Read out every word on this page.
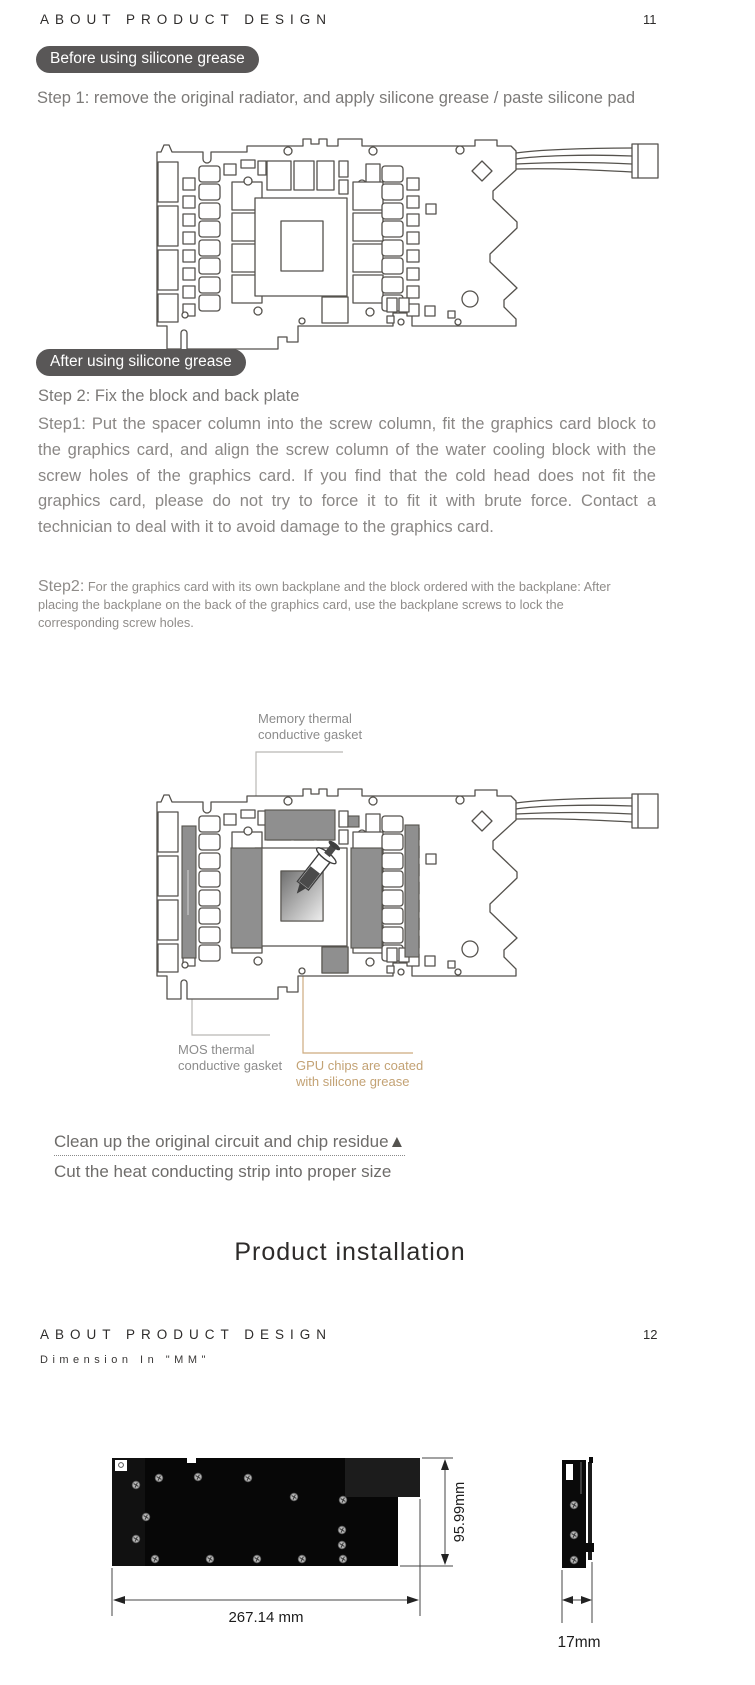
ABOUT PRODUCT DESIGN	11
Before using silicone grease
Step 1: remove the original radiator, and apply silicone grease / paste silicone pad
After using silicone grease
Step 2: Fix the block and back plate
Step1: Put the spacer column into the screw column, fit the graphics card block to the graphics card, and align the screw column of the water cooling block with the screw holes of the graphics card. If you find that the cold head does not fit the graphics card, please do not try to force it to fit it with brute force. Contact a technician to deal with it to avoid damage to the graphics card.
Step2: For the graphics card with its own backplane and the block ordered with the backplane: After placing the backplane on the back of the graphics card, use the backplane screws to lock the corresponding screw holes.
Memory thermal
conductive gasket
MOS thermal
conductive gasket GPU chips are coated
with silicone grease
Clean up the original circuit and chip residue▲
Cut the heat conducting strip into proper size
Product installation
ABOUT PRODUCT DESIGN	12
Dimension In "MM"
95.99mm
267.14 mm
17mm
